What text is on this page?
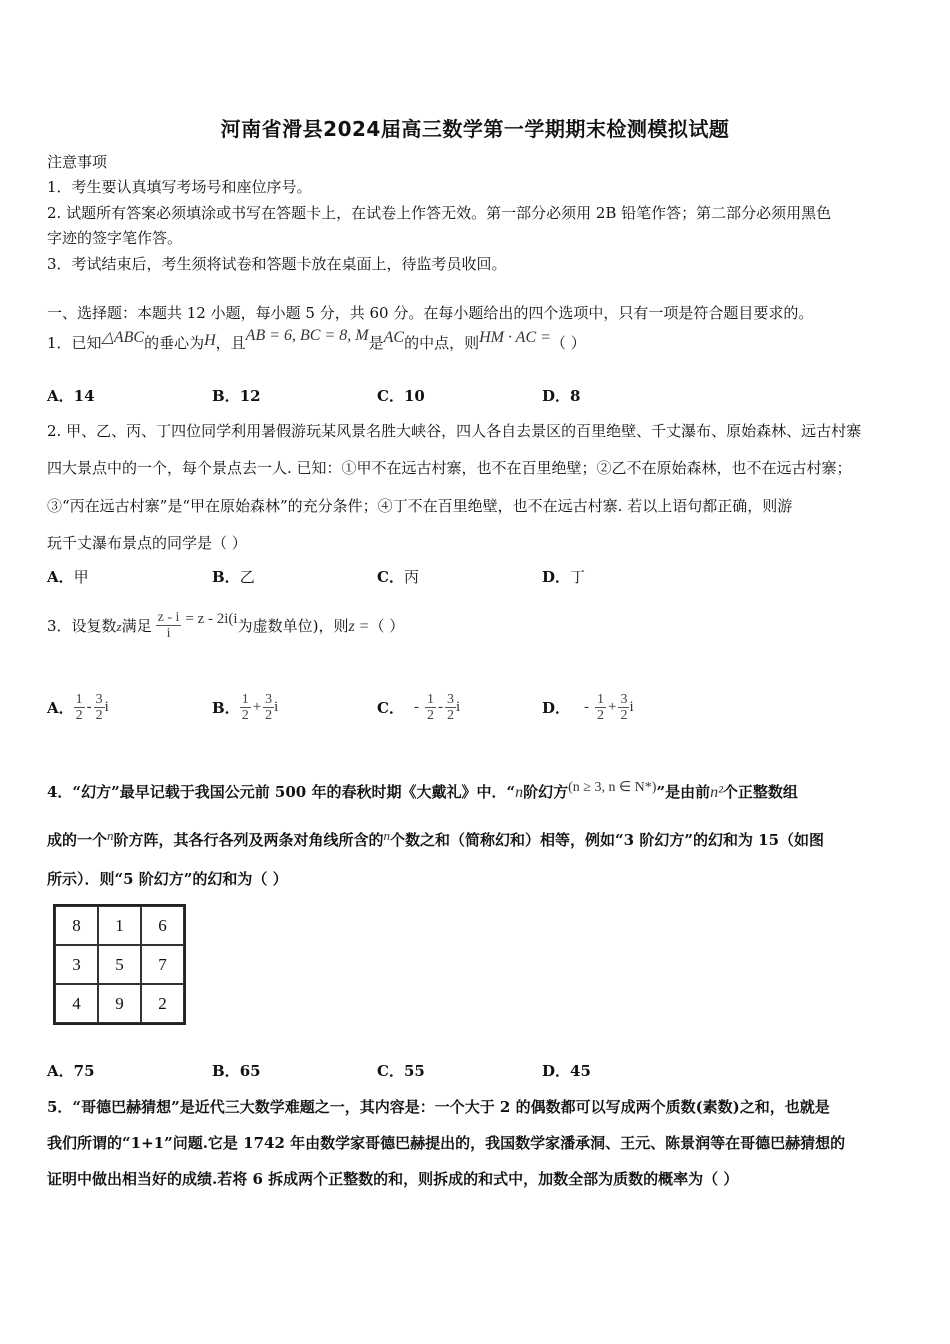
河南省滑县2024届高三数学第一学期期末检测模拟试题
注意事项
1．考生要认真填写考场号和座位序号。
2. 试题所有答案必须填涂或书写在答题卡上，在试卷上作答无效。第一部分必须用 2B 铅笔作答；第二部分必须用黑色
字迹的签字笔作答。
3．考试结束后，考生须将试卷和答题卡放在桌面上，待监考员收回。
一、选择题：本题共 12 小题，每小题 5 分，共 60 分。在每小题给出的四个选项中，只有一项是符合题目要求的。
1．已知△ABC的垂心为H，且AB = 6, BC = 8, M是AC的中点，则HM · AC =（ ）
A．14	B．12	C．10	D．8
2. 甲、乙、丙、丁四位同学利用暑假游玩某风景名胜大峡谷，四人各自去景区的百里绝壁、千丈瀑布、原始森林、远古村寨
四大景点中的一个，每个景点去一人. 已知：①甲不在远古村寨，也不在百里绝壁；②乙不在原始森林，也不在远古村寨；
③“丙在远古村寨”是“甲在原始森林”的充分条件；④丁不在百里绝壁，也不在远古村寨. 若以上语句都正确，则游
玩千丈瀑布景点的同学是（ ）
A．甲	B．乙	C．丙	D．丁
3．设复数 z 满足 $\frac{z - i}{i} = z - 2i(i$ 为虚数单位)，则 z = （ ）
A． $\frac{1}{2} - \frac{3}{2}$ i	B． $\frac{1}{2} + \frac{3}{2}$ i	C． - $\frac{1}{2} - \frac{3}{2}$ i	D． - $\frac{1}{2} + \frac{3}{2}$ i
4．“幻方”最早记载于我国公元前 500 年的春秋时期《大戴礼》中．“n阶幻方(n ≥ 3, n ∈ N*)”是由前n²个正整数组
成的一个n阶方阵，其各行各列及两条对角线所含的n个数之和（简称幻和）相等，例如“3 阶幻方”的幻和为 15（如图
所示）．则“5 阶幻方”的幻和为（ ）
8	1	6
3	5	7
4	9	2
A．75	B．65	C．55	D．45
5．“哥德巴赫猜想”是近代三大数学难题之一，其内容是：一个大于 2 的偶数都可以写成两个质数(素数)之和，也就是
我们所谓的“1+1”问题.它是 1742 年由数学家哥德巴赫提出的，我国数学家潘承洞、王元、陈景润等在哥德巴赫猜想的
证明中做出相当好的成绩.若将 6 拆成两个正整数的和，则拆成的和式中，加数全部为质数的概率为（ ）
